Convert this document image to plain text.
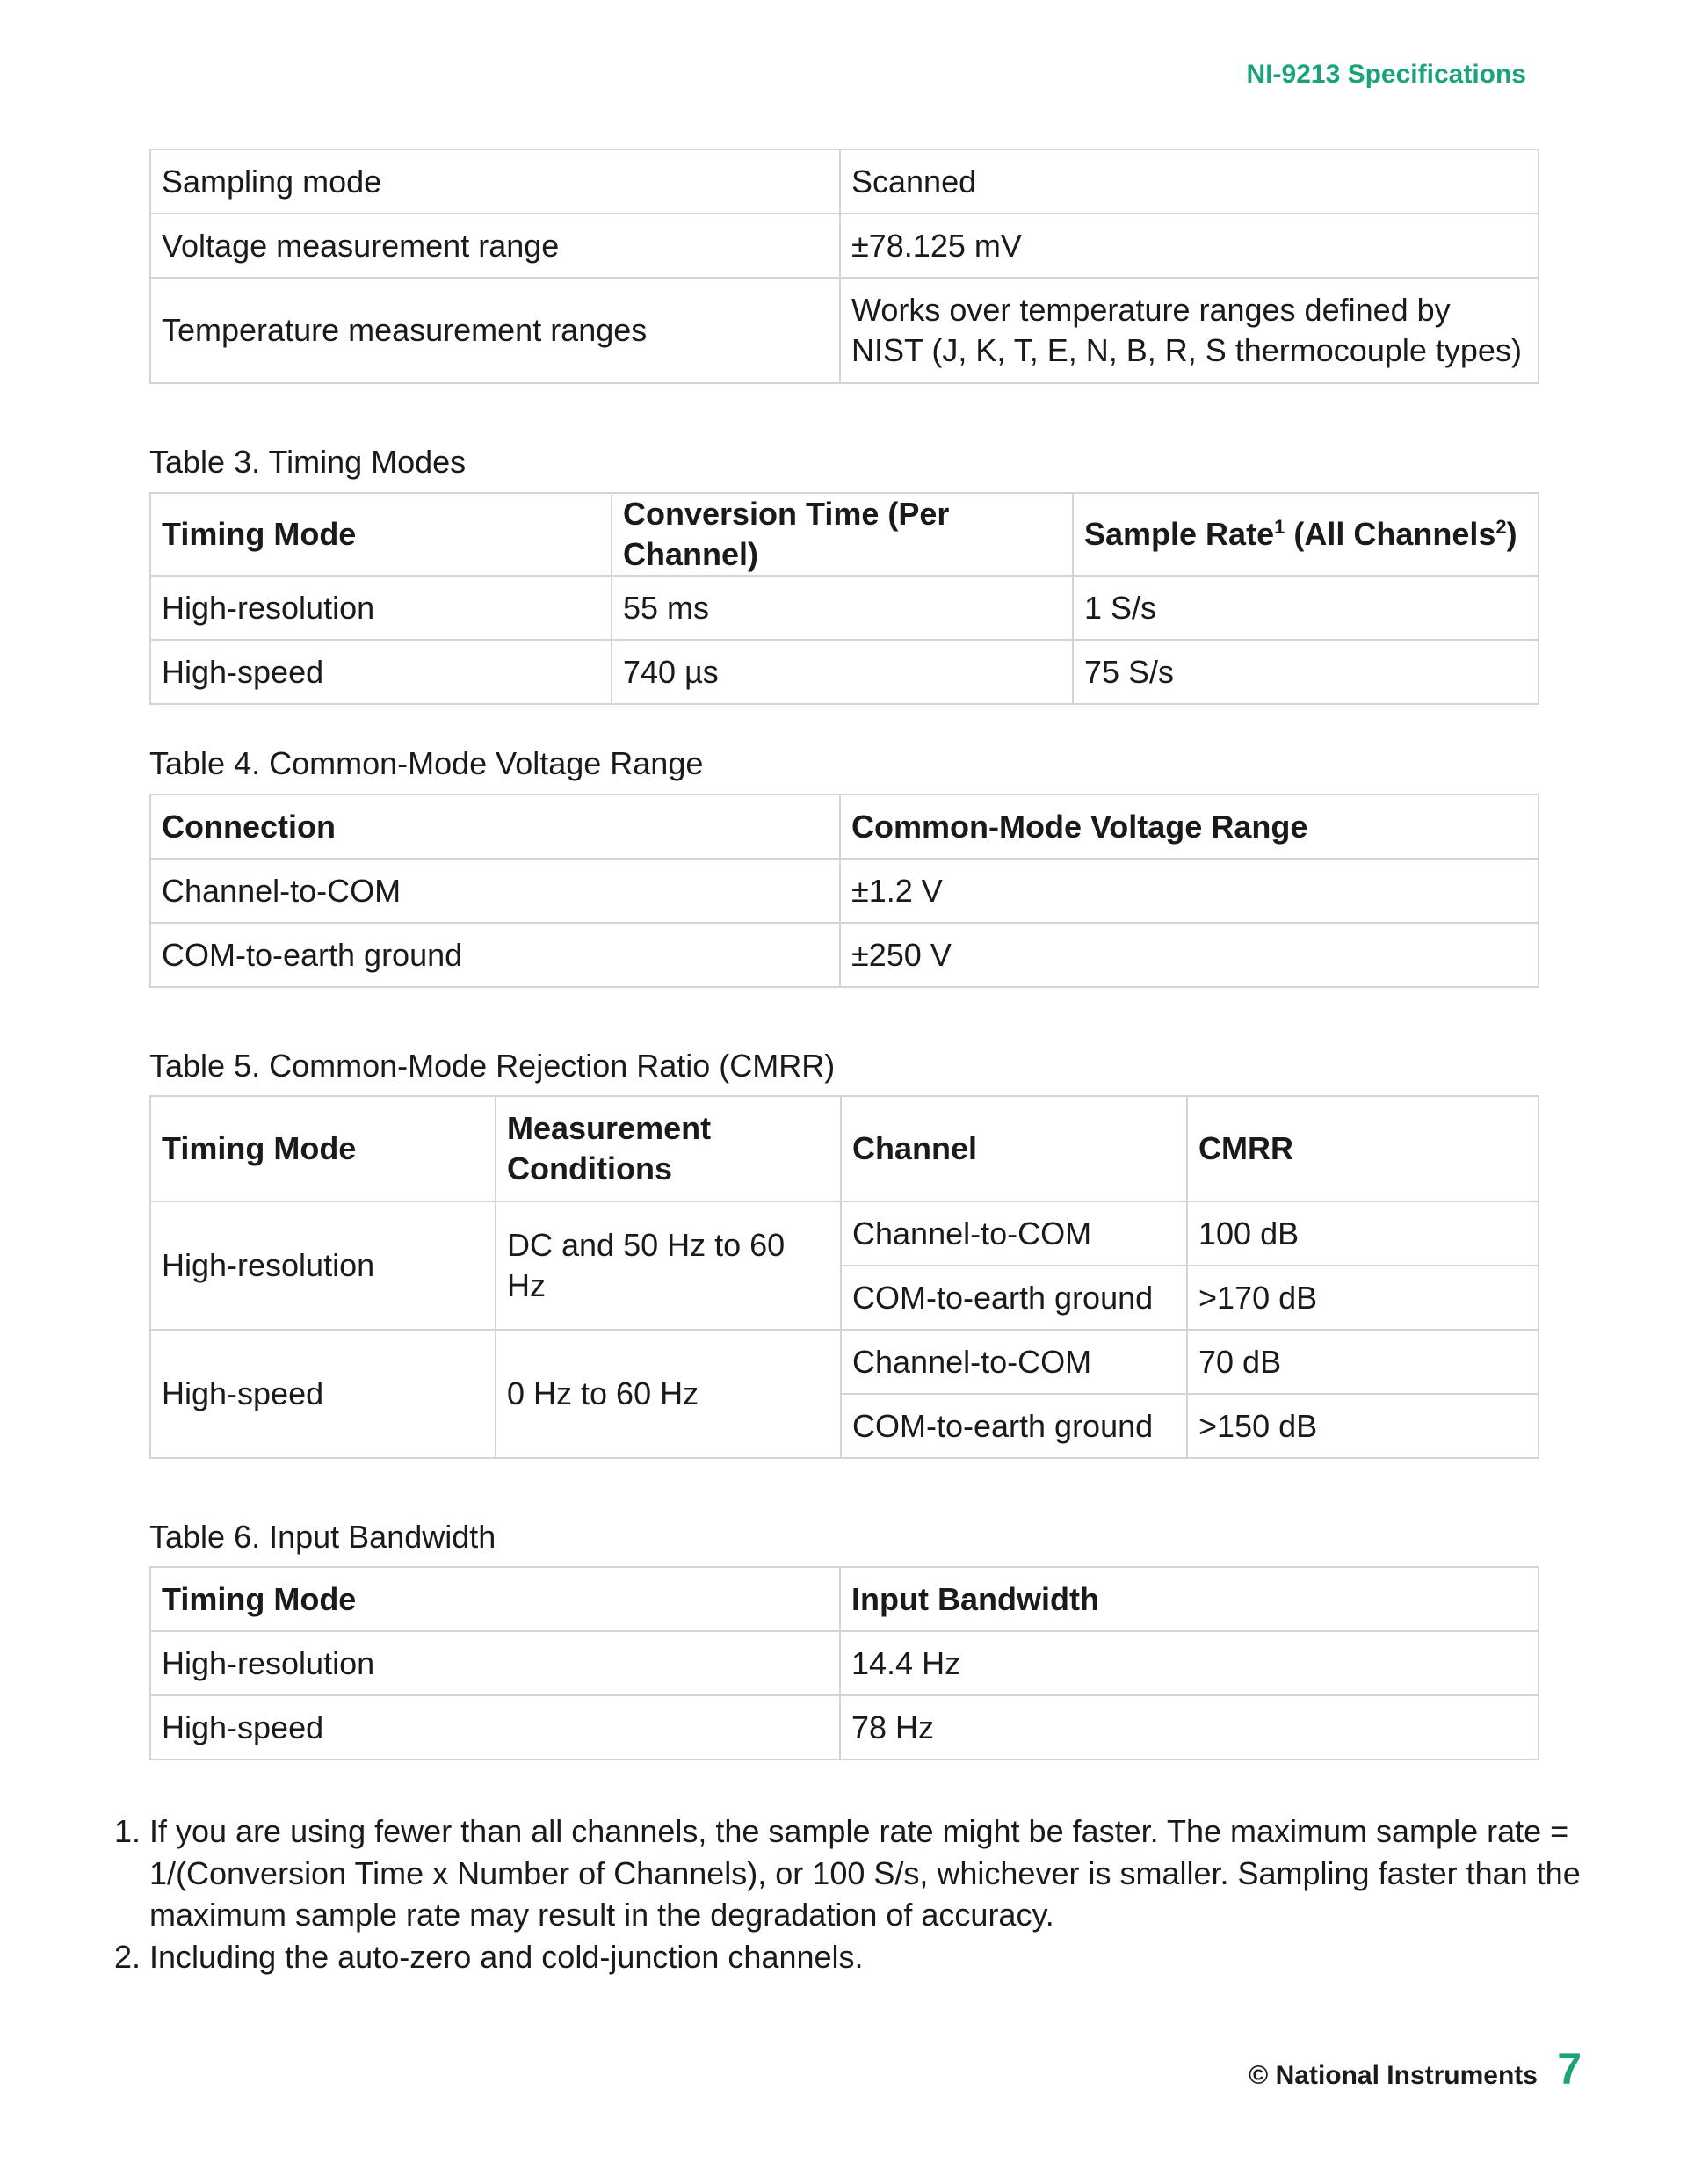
NI-9213 Specifications
Sampling mode	Scanned
Voltage measurement range	±78.125 mV
Temperature measurement ranges	Works over temperature ranges defined by NIST (J, K, T, E, N, B, R, S thermocouple types)
Table 3. Timing Modes
Timing Mode	Conversion Time (Per Channel)	Sample Rate$^1$ (All Channels$^2$)
High-resolution	55 ms	1 S/s
High-speed	740 µs	75 S/s
Table 4. Common-Mode Voltage Range
Connection	Common-Mode Voltage Range
Channel-to-COM	±1.2 V
COM-to-earth ground	±250 V
Table 5. Common-Mode Rejection Ratio (CMRR)
Timing Mode	Measurement Conditions	Channel	CMRR
High-resolution	DC and 50 Hz to 60 Hz	Channel-to-COM	100 dB
		COM-to-earth ground	>170 dB
High-speed	0 Hz to 60 Hz	Channel-to-COM	70 dB
		COM-to-earth ground	>150 dB
Table 6. Input Bandwidth
Timing Mode	Input Bandwidth
High-resolution	14.4 Hz
High-speed	78 Hz
1. If you are using fewer than all channels, the sample rate might be faster. The maximum sample rate = 1/(Conversion Time x Number of Channels), or 100 S/s, whichever is smaller. Sampling faster than the maximum sample rate may result in the degradation of accuracy.
2. Including the auto-zero and cold-junction channels.
© National Instruments 7
